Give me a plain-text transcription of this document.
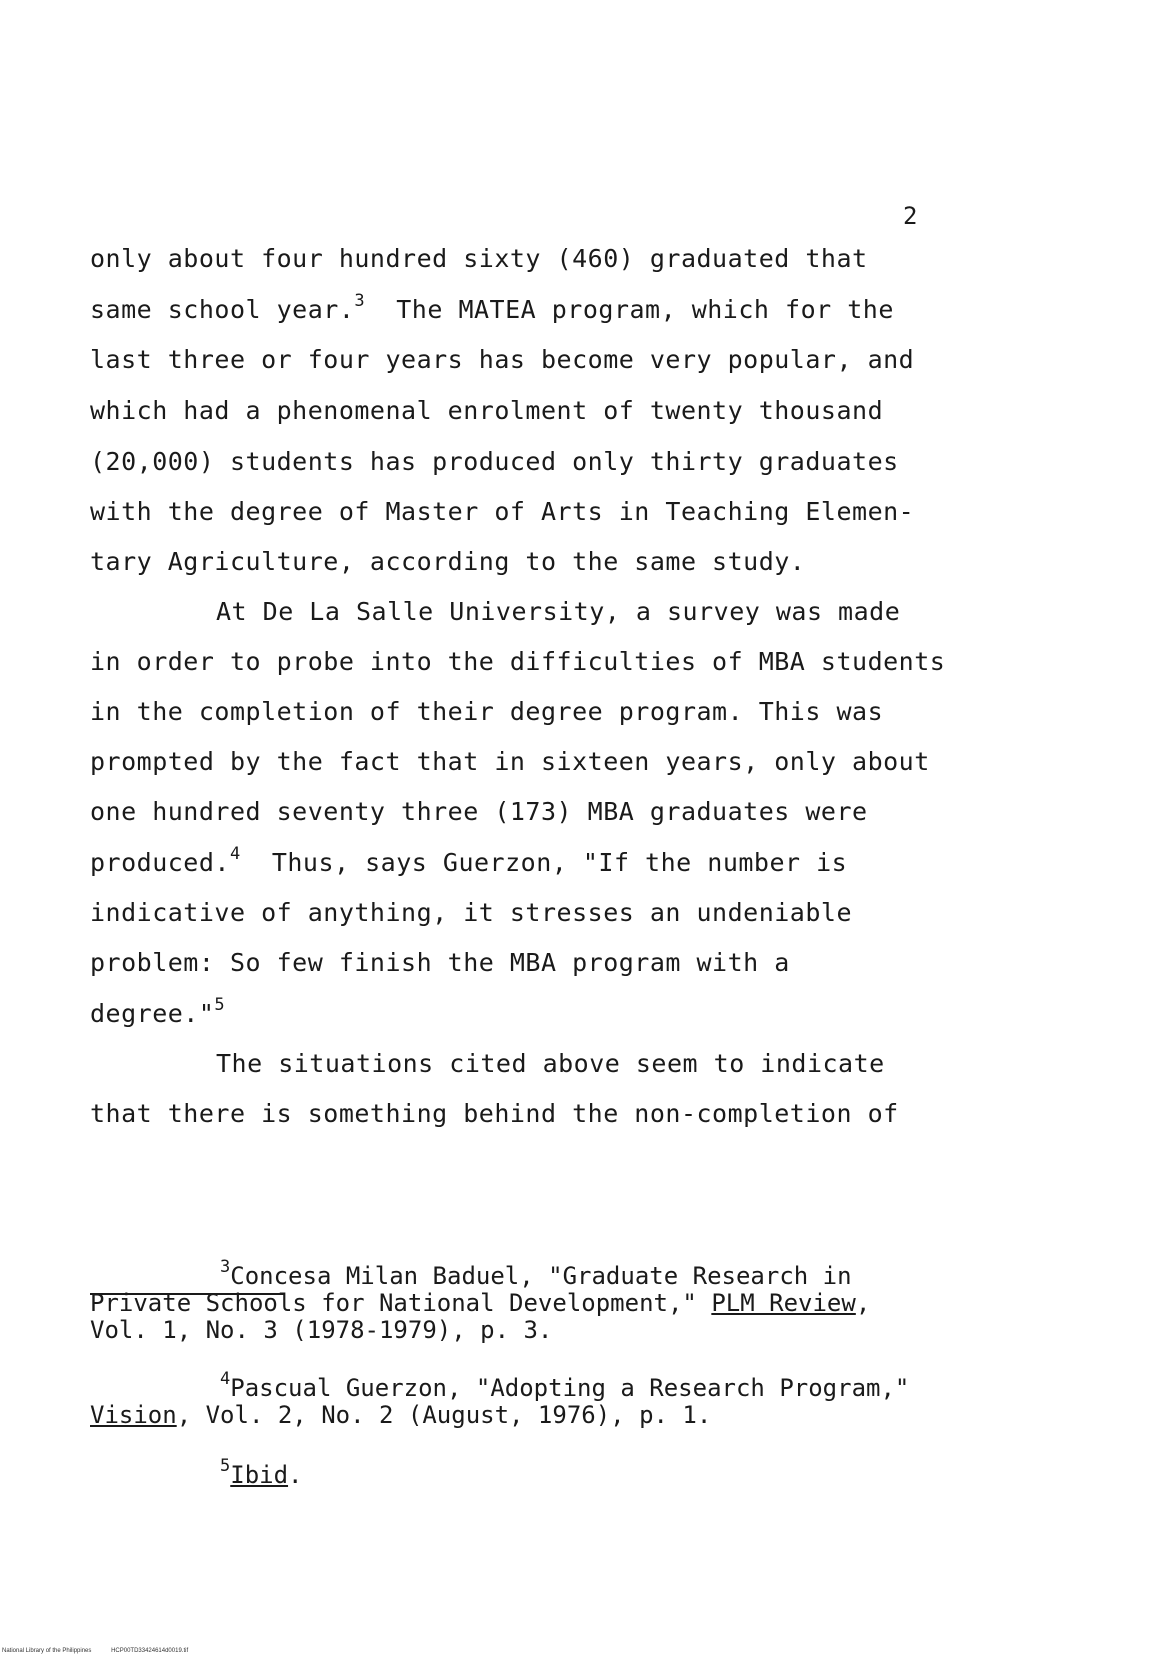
2
only about four hundred sixty (460) graduated that
same school year.$^3$ The MATEA program, which for the
last three or four years has become very popular, and
which had a phenomenal enrolment of twenty thousand
(20,000) students has produced only thirty graduates
with the degree of Master of Arts in Teaching Elemen-
tary Agriculture, according to the same study.
At De La Salle University, a survey was made
in order to probe into the difficulties of MBA students
in the completion of their degree program. This was
prompted by the fact that in sixteen years, only about
one hundred seventy three (173) MBA graduates were
produced.$^4$ Thus, says Guerzon, "If the number is
indicative of anything, it stresses an undeniable
problem: So few finish the MBA program with a
degree."$^5$
The situations cited above seem to indicate
that there is something behind the non-completion of
$^3$Concesa Milan Baduel, "Graduate Research in
Private Schools for National Development," PLM Review,
Vol. 1, No. 3 (1978-1979), p. 3.
$^4$Pascual Guerzon, "Adopting a Research Program,"
Vision, Vol. 2, No. 2 (August, 1976), p. 1.
$^5$Ibid.
National Library of the Philippines	HCP00TD33424614d0019.tif
